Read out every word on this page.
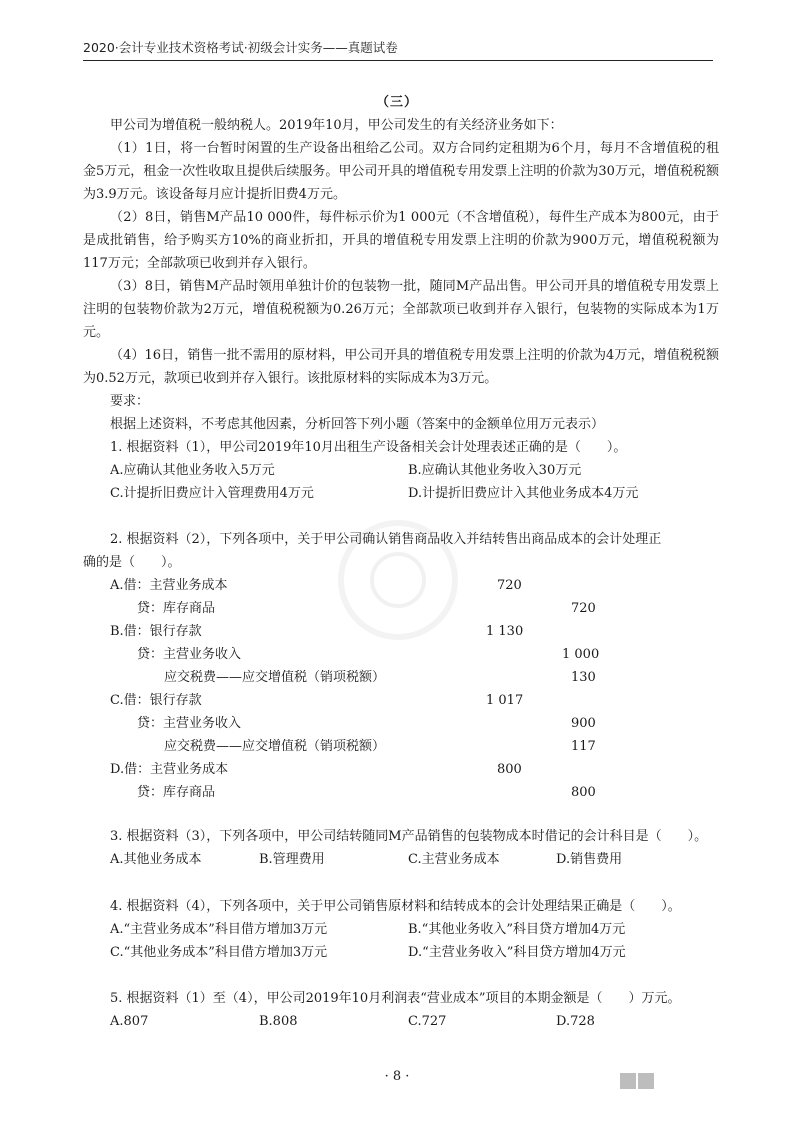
2020·会计专业技术资格考试·初级会计实务——真题试卷
（三）
甲公司为增值税一般纳税人。2019年10月，甲公司发生的有关经济业务如下：
（1）1日，将一台暂时闲置的生产设备出租给乙公司。双方合同约定租期为6个月，每月不含增值税的租金5万元，租金一次性收取且提供后续服务。甲公司开具的增值税专用发票上注明的价款为30万元，增值税税额为3.9万元。该设备每月应计提折旧费4万元。
（2）8日，销售M产品10 000件，每件标示价为1 000元（不含增值税），每件生产成本为800元，由于是成批销售，给予购买方10%的商业折扣，开具的增值税专用发票上注明的价款为900万元，增值税税额为117万元；全部款项已收到并存入银行。
（3）8日，销售M产品时领用单独计价的包装物一批，随同M产品出售。甲公司开具的增值税专用发票上注明的包装物价款为2万元，增值税税额为0.26万元；全部款项已收到并存入银行，包装物的实际成本为1万元。
（4）16日，销售一批不需用的原材料，甲公司开具的增值税专用发票上注明的价款为4万元，增值税税额为0.52万元，款项已收到并存入银行。该批原材料的实际成本为3万元。
要求：
根据上述资料，不考虑其他因素，分析回答下列小题（答案中的金额单位用万元表示）
1. 根据资料（1），甲公司2019年10月出租生产设备相关会计处理表述正确的是（　　）。
A.应确认其他业务收入5万元	B.应确认其他业务收入30万元
C.计提折旧费应计入管理费用4万元	D.计提折旧费应计入其他业务成本4万元
2. 根据资料（2），下列各项中，关于甲公司确认销售商品收入并结转售出商品成本的会计处理正
确的是（　　）。
A.借：主营业务成本	720
贷：库存商品	720
B.借：银行存款	1 130
贷：主营业务收入	1 000
应交税费——应交增值税（销项税额）	130
C.借：银行存款	1 017
贷：主营业务收入	900
应交税费——应交增值税（销项税额）	117
D.借：主营业务成本	800
贷：库存商品	800
3. 根据资料（3），下列各项中，甲公司结转随同M产品销售的包装物成本时借记的会计科目是（　　）。
A.其他业务成本	B.管理费用	C.主营业务成本	D.销售费用
4. 根据资料（4），下列各项中，关于甲公司销售原材料和结转成本的会计处理结果正确是（　　）。
A.“主营业务成本”科目借方增加3万元	B.“其他业务收入”科目贷方增加4万元
C.“其他业务成本”科目借方增加3万元	D.“主营业务收入”科目贷方增加4万元
5. 根据资料（1）至（4），甲公司2019年10月利润表“营业成本”项目的本期金额是（　　）万元。
A.807	B.808	C.727	D.728
· 8 ·
